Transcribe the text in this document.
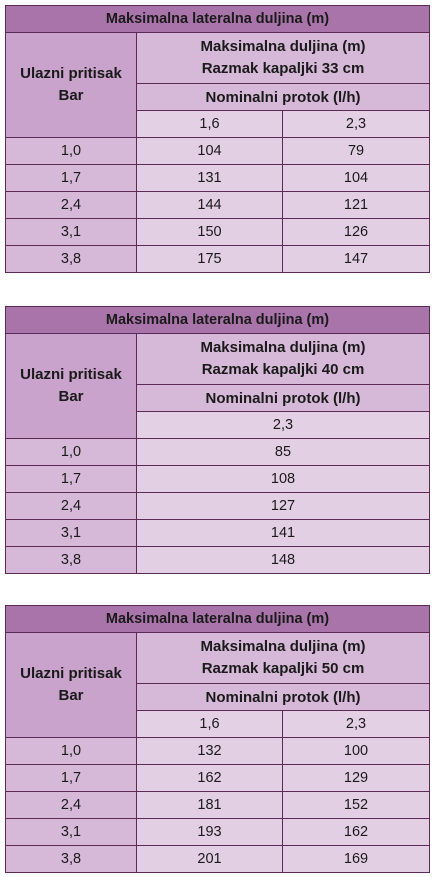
Maksimalna lateralna duljina (m)		
Ulazni pritisak
Bar	Maksimalna duljina (m)
Razmak kapaljki 33 cm	
	Nominalni protok (l/h)	
	1,6	2,3
1,0	104	79
1,7	131	104
2,4	144	121
3,1	150	126
3,8	175	147
Maksimalna lateralna duljina (m)	
Ulazni pritisak
Bar	Maksimalna duljina (m)
Razmak kapaljki 40 cm
	Nominalni protok (l/h)
	2,3
1,0	85
1,7	108
2,4	127
3,1	141
3,8	148
Maksimalna lateralna duljina (m)		
Ulazni pritisak
Bar	Maksimalna duljina (m)
Razmak kapaljki 50 cm	
	Nominalni protok (l/h)	
	1,6	2,3
1,0	132	100
1,7	162	129
2,4	181	152
3,1	193	162
3,8	201	169
